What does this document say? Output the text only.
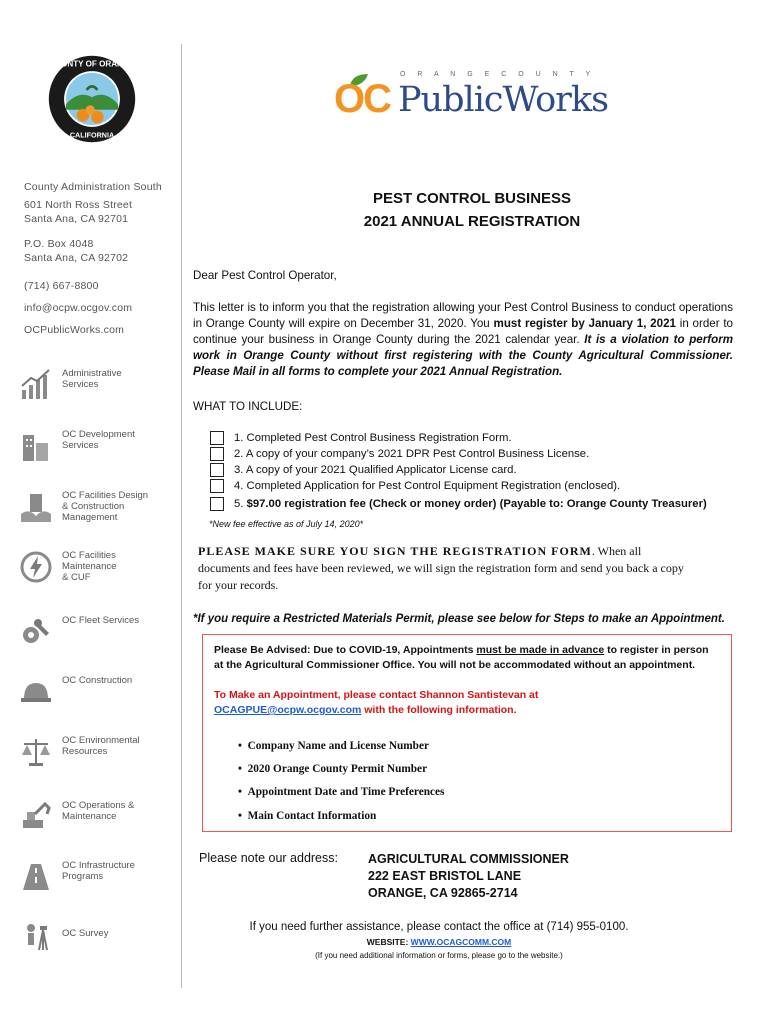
COUNTY OF ORANGE
CALIFORNIA
County Administration South
601 North Ross Street
Santa Ana, CA 92701
P.O. Box 4048
Santa Ana, CA 92702
(714) 667-8800
info@ocpw.ocgov.com
OCPublicWorks.com
Administrative
Services
OC Development
Services
OC Facilities Design
& Construction
Management
OC Facilities
Maintenance
& CUF
OC Fleet Services
OC Construction
OC Environmental
Resources
OC Operations &
Maintenance
OC Infrastructure
Programs
OC Survey
O R A N G E C O U N T Y
OC PublicWorks
PEST CONTROL BUSINESS
2021 ANNUAL REGISTRATION
Dear Pest Control Operator,
This letter is to inform you that the registration allowing your Pest Control Business to conduct operations in Orange County will expire on December 31, 2020. You must register by January 1, 2021 in order to continue your business in Orange County during the 2021 calendar year. It is a violation to perform work in Orange County without first registering with the County Agricultural Commissioner. Please Mail in all forms to complete your 2021 Annual Registration.
WHAT TO INCLUDE:
1. Completed Pest Control Business Registration Form.
2. A copy of your company’s 2021 DPR Pest Control Business License.
3. A copy of your 2021 Qualified Applicator License card.
4. Completed Application for Pest Control Equipment Registration (enclosed).
5. $97.00 registration fee (Check or money order) (Payable to: Orange County Treasurer)
*New fee effective as of July 14, 2020*
PLEASE MAKE SURE YOU SIGN THE REGISTRATION FORM. When all documents and fees have been reviewed, we will sign the registration form and send you back a copy for your records.
*If you require a Restricted Materials Permit, please see below for Steps to make an Appointment.
Please Be Advised: Due to COVID-19, Appointments must be made in advance to register in person at the Agricultural Commissioner Office. You will not be accommodated without an appointment.
To Make an Appointment, please contact Shannon Santistevan at
OCAGPUE@ocpw.ocgov.com with the following information.
•  Company Name and License Number
•  2020 Orange County Permit Number
•  Appointment Date and Time Preferences
•  Main Contact Information
Please note our address: AGRICULTURAL COMMISSIONER
222 EAST BRISTOL LANE
ORANGE, CA 92865-2714
If you need further assistance, please contact the office at (714) 955-0100.
WEBSITE: WWW.OCAGCOMM.COM
(If you need additional information or forms, please go to the website.)
